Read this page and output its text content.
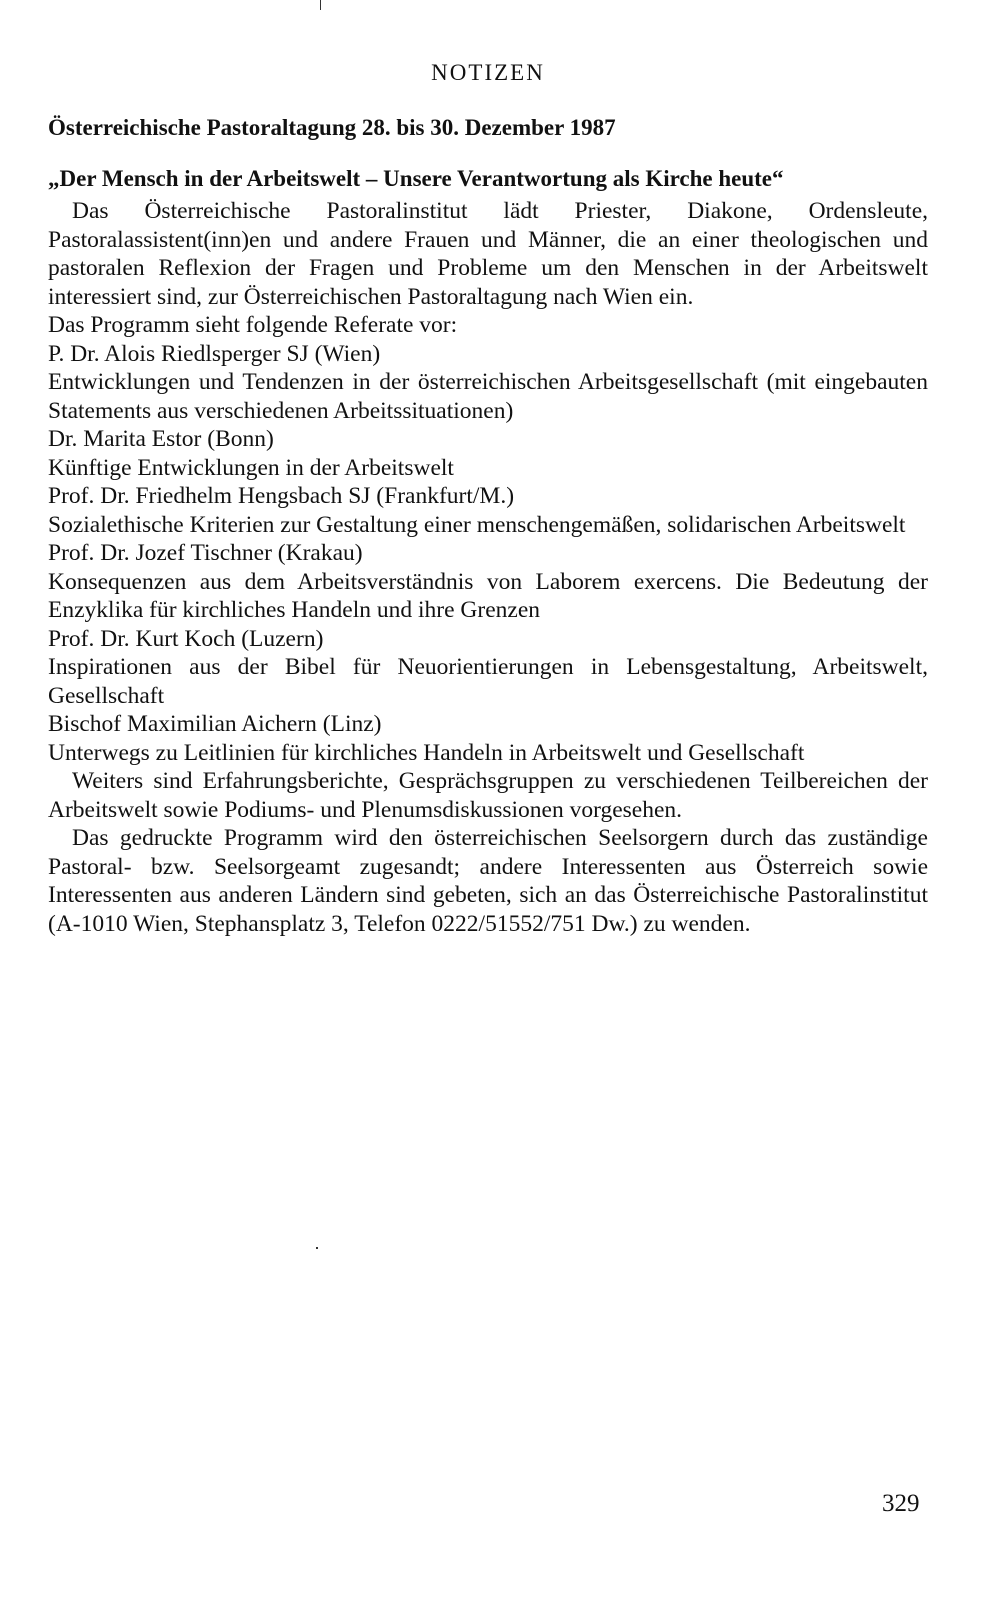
NOTIZEN
Österreichische Pastoraltagung 28. bis 30. Dezember 1987
„Der Mensch in der Arbeitswelt – Unsere Verantwortung als Kirche heute“

Das Österreichische Pastoralinstitut lädt Priester, Diakone, Ordensleute, Pastoralassistent(inn)en und andere Frauen und Männer, die an einer theologischen und pastoralen Reflexion der Fragen und Probleme um den Menschen in der Arbeitswelt interessiert sind, zur Österreichischen Pastoraltagung nach Wien ein.

Das Programm sieht folgende Referate vor:

P. Dr. Alois Riedlsperger SJ (Wien)

Entwicklungen und Tendenzen in der österreichischen Arbeitsgesellschaft (mit eingebauten Statements aus verschiedenen Arbeitssituationen)

Dr. Marita Estor (Bonn)

Künftige Entwicklungen in der Arbeitswelt

Prof. Dr. Friedhelm Hengsbach SJ (Frankfurt/M.)

Sozialethische Kriterien zur Gestaltung einer menschengemäßen, solidarischen Arbeitswelt

Prof. Dr. Jozef Tischner (Krakau)

Konsequenzen aus dem Arbeitsverständnis von Laborem exercens. Die Bedeutung der Enzyklika für kirchliches Handeln und ihre Grenzen

Prof. Dr. Kurt Koch (Luzern)

Inspirationen aus der Bibel für Neuorientierungen in Lebensgestaltung, Arbeitswelt, Gesellschaft

Bischof Maximilian Aichern (Linz)

Unterwegs zu Leitlinien für kirchliches Handeln in Arbeitswelt und Gesellschaft

Weiters sind Erfahrungsberichte, Gesprächsgruppen zu verschiedenen Teilbereichen der Arbeitswelt sowie Podiums- und Plenumsdiskussionen vorgesehen.

Das gedruckte Programm wird den österreichischen Seelsorgern durch das zuständige Pastoral- bzw. Seelsorgeamt zugesandt; andere Interessenten aus Österreich sowie Interessenten aus anderen Ländern sind gebeten, sich an das Österreichische Pastoralinstitut (A-1010 Wien, Stephansplatz 3, Telefon 0222/51552/751 Dw.) zu wenden.

329
